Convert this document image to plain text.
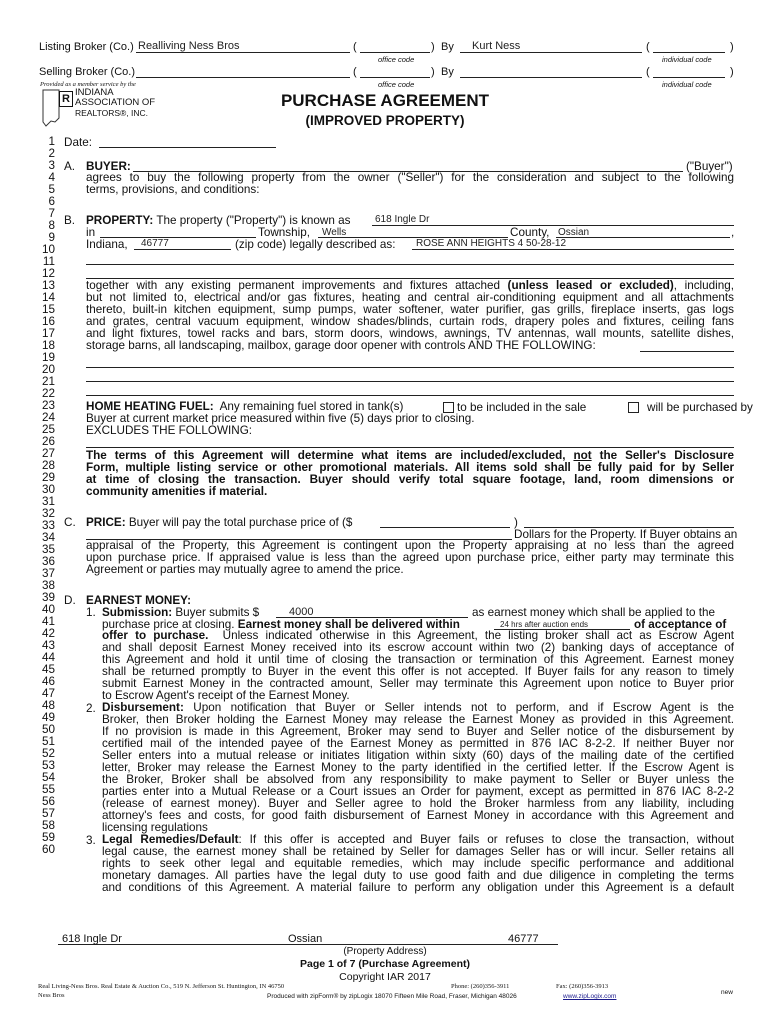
Listing Broker (Co.) Realliving Ness Bros	(	) By Kurt Ness	(	)
office code	individual code
Selling Broker (Co.)	(	) By	(	)
office code	individual code
Provided as a member service by the
R
INDIANA
ASSOCIATION OF
REALTORS®, INC.
PURCHASE AGREEMENT
(IMPROVED PROPERTY)
1
2
3
4
5
6
7
8
9
10
11
12
13
14
15
16
17
18
19
20
21
22
23
24
25
26
27
28
29
30
31
32
33
34
35
36
37
38
39
40
41
42
43
44
45
46
47
48
49
50
51
52
53
54
55
56
57
58
59
60
Date:
A. BUYER:	("Buyer")
agrees to buy the following property from the owner ("Seller") for the consideration and subject to the following
terms, provisions, and conditions:
B. PROPERTY: The property ("Property") is known as 618 Ingle Dr
in	Township, Wells	County, Ossian	,
Indiana, 46777	(zip code) legally described as: ROSE ANN HEIGHTS 4 50-28-12
together with any existing permanent improvements and fixtures attached (unless leased or excluded), including,
but not limited to, electrical and/or gas fixtures, heating and central air-conditioning equipment and all attachments
thereto, built-in kitchen equipment, sump pumps, water softener, water purifier, gas grills, fireplace inserts, gas logs
and grates, central vacuum equipment, window shades/blinds, curtain rods, drapery poles and fixtures, ceiling fans
and light fixtures, towel racks and bars, storm doors, windows, awnings, TV antennas, wall mounts, satellite dishes,
storage barns, all landscaping, mailbox, garage door opener with controls AND THE FOLLOWING:
HOME HEATING FUEL: Any remaining fuel stored in tank(s)	to be included in the sale	will be purchased by
Buyer at current market price measured within five (5) days prior to closing.
EXCLUDES THE FOLLOWING:
The terms of this Agreement will determine what items are included/excluded, not the Seller's Disclosure
Form, multiple listing service or other promotional materials. All items sold shall be fully paid for by Seller
at time of closing the transaction. Buyer should verify total square footage, land, room dimensions or
community amenities if material.
C. PRICE: Buyer will pay the total purchase price of ($	)
Dollars for the Property. If Buyer obtains an
appraisal of the Property, this Agreement is contingent upon the Property appraising at no less than the agreed
upon purchase price. If appraised value is less than the agreed upon purchase price, either party may terminate this
Agreement or parties may mutually agree to amend the price.
D. EARNEST MONEY:
1. Submission: Buyer submits $	4000	as earnest money which shall be applied to the
purchase price at closing. Earnest money shall be delivered within	24 hrs after auction ends	of acceptance of
offer to purchase. Unless indicated otherwise in this Agreement, the listing broker shall act as Escrow Agent
and shall deposit Earnest Money received into its escrow account within two (2) banking days of acceptance of
this Agreement and hold it until time of closing the transaction or termination of this Agreement. Earnest money
shall be returned promptly to Buyer in the event this offer is not accepted. If Buyer fails for any reason to timely
submit Earnest Money in the contracted amount, Seller may terminate this Agreement upon notice to Buyer prior
to Escrow Agent's receipt of the Earnest Money.
2. Disbursement: Upon notification that Buyer or Seller intends not to perform, and if Escrow Agent is the
Broker, then Broker holding the Earnest Money may release the Earnest Money as provided in this Agreement.
If no provision is made in this Agreement, Broker may send to Buyer and Seller notice of the disbursement by
certified mail of the intended payee of the Earnest Money as permitted in 876 IAC 8-2-2. If neither Buyer nor
Seller enters into a mutual release or initiates litigation within sixty (60) days of the mailing date of the certified
letter, Broker may release the Earnest Money to the party identified in the certified letter. If the Escrow Agent is
the Broker, Broker shall be absolved from any responsibility to make payment to Seller or Buyer unless the
parties enter into a Mutual Release or a Court issues an Order for payment, except as permitted in 876 IAC 8-2-2
(release of earnest money). Buyer and Seller agree to hold the Broker harmless from any liability, including
attorney's fees and costs, for good faith disbursement of Earnest Money in accordance with this Agreement and
licensing regulations
3. Legal Remedies/Default: If this offer is accepted and Buyer fails or refuses to close the transaction, without
legal cause, the earnest money shall be retained by Seller for damages Seller has or will incur. Seller retains all
rights to seek other legal and equitable remedies, which may include specific performance and additional
monetary damages. All parties have the legal duty to use good faith and due diligence in completing the terms
and conditions of this Agreement. A material failure to perform any obligation under this Agreement is a default
618 Ingle Dr	Ossian	46777
(Property Address)
Page 1 of 7 (Purchase Agreement)
Copyright IAR 2017
Real Living-Ness Bros. Real Estate & Auction Co., 519 N. Jefferson St. Huntington, IN 46750	Phone: (260)356-3911	Fax: (260)356-3913
Ness Bros	Produced with zipForm® by zipLogix 18070 Fifteen Mile Road, Fraser, Michigan 48026	www.zipLogix.com
new
